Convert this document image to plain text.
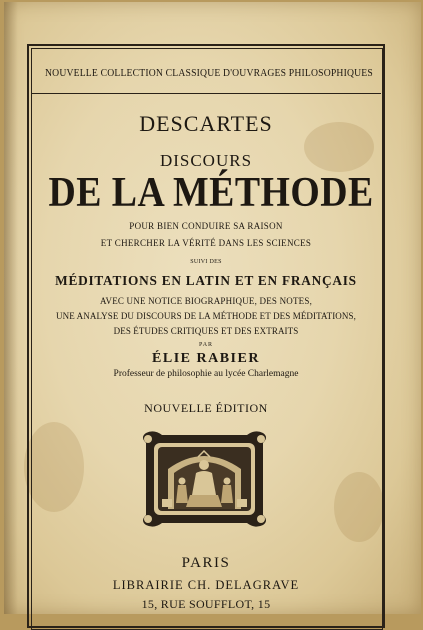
NOUVELLE COLLECTION CLASSIQUE D'OUVRAGES PHILOSOPHIQUES
DESCARTES
DISCOURS
DE LA MÉTHODE
POUR BIEN CONDUIRE SA RAISON
ET CHERCHER LA VÉRITÉ DANS LES SCIENCES
SUIVI DES
MÉDITATIONS EN LATIN ET EN FRANÇAIS
AVEC UNE NOTICE BIOGRAPHIQUE, DES NOTES,
UNE ANALYSE DU DISCOURS DE LA MÉTHODE ET DES MÉDITATIONS,
DES ÉTUDES CRITIQUES ET DES EXTRAITS
PAR
ÉLIE RABIER
Professeur de philosophie au lycée Charlemagne
NOUVELLE ÉDITION
PARIS
LIBRAIRIE CH. DELAGRAVE
15, RUE SOUFFLOT, 15
